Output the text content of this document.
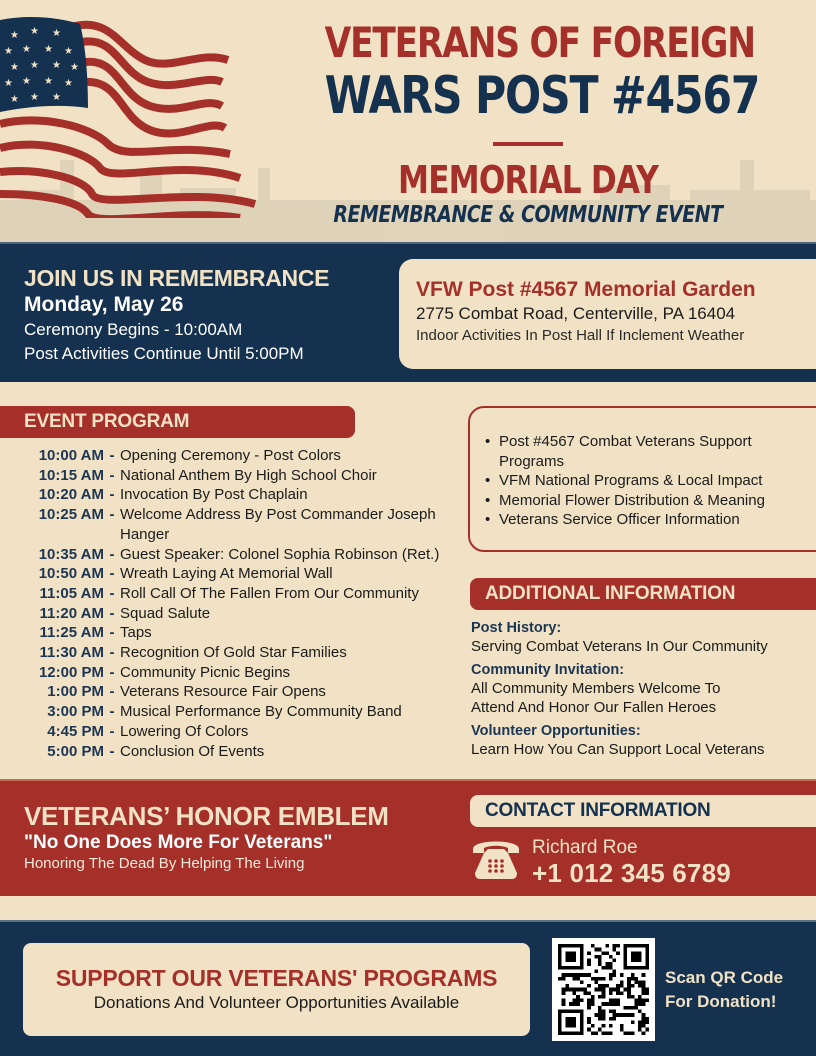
★ ★ ★
★ ★ ★ ★
★ ★ ★ ★
★ ★ ★ ★
★ ★ ★
VETERANS OF FOREIGN
WARS POST #4567
MEMORIAL DAY
REMEMBRANCE & COMMUNITY EVENT
JOIN US IN REMEMBRANCE
Monday, May 26
Ceremony Begins - 10:00AM
Post Activities Continue Until 5:00PM
VFW Post #4567 Memorial Garden
2775 Combat Road, Centerville, PA 16404
Indoor Activities In Post Hall If Inclement Weather
EVENT PROGRAM
10:00 AM - Opening Ceremony - Post Colors
10:15 AM - National Anthem By High School Choir
10:20 AM - Invocation By Post Chaplain
10:25 AM - Welcome Address By Post Commander Joseph Hanger
10:35 AM - Guest Speaker: Colonel Sophia Robinson (Ret.)
10:50 AM - Wreath Laying At Memorial Wall
11:05 AM - Roll Call Of The Fallen From Our Community
11:20 AM - Squad Salute
11:25 AM - Taps
11:30 AM - Recognition Of Gold Star Families
12:00 PM - Community Picnic Begins
1:00 PM - Veterans Resource Fair Opens
3:00 PM - Musical Performance By Community Band
4:45 PM - Lowering Of Colors
5:00 PM - Conclusion Of Events
• Post #4567 Combat Veterans Support Programs
• VFM National Programs & Local Impact
• Memorial Flower Distribution & Meaning
• Veterans Service Officer Information
ADDITIONAL INFORMATION
Post History:
Serving Combat Veterans In Our Community
Community Invitation:
All Community Members Welcome To Attend And Honor Our Fallen Heroes
Volunteer Opportunities:
Learn How You Can Support Local Veterans
VETERANS’ HONOR EMBLEM
"No One Does More For Veterans"
Honoring The Dead By Helping The Living
CONTACT INFORMATION
Richard Roe
+1 012 345 6789
SUPPORT OUR VETERANS' PROGRAMS
Donations And Volunteer Opportunities Available
Scan QR Code
For Donation!
